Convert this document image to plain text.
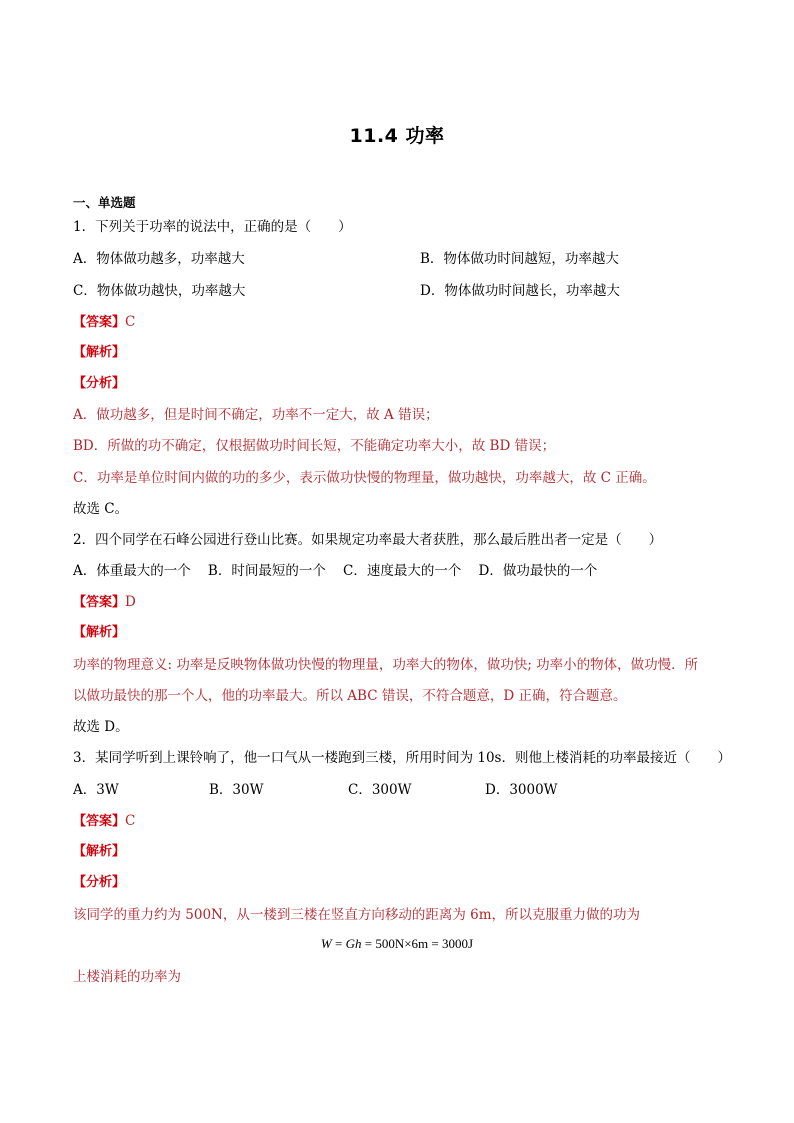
11.4 功率
一、单选题
1．下列关于功率的说法中，正确的是（　　）
A．物体做功越多，功率越大	B．物体做功时间越短，功率越大
C．物体做功越快，功率越大	D．物体做功时间越长，功率越大
【答案】C
【解析】
【分析】
A．做功越多，但是时间不确定，功率不一定大，故 A 错误；
BD．所做的功不确定，仅根据做功时间长短，不能确定功率大小，故 BD 错误；
C．功率是单位时间内做的功的多少，表示做功快慢的物理量，做功越快，功率越大，故 C 正确。
故选 C。
2．四个同学在石峰公园进行登山比赛。如果规定功率最大者获胜，那么最后胜出者一定是（　　）
A．体重最大的一个 B．时间最短的一个 C．速度最大的一个 D．做功最快的一个
【答案】D
【解析】
功率的物理意义: 功率是反映物体做功快慢的物理量，功率大的物体，做功快; 功率小的物体，做功慢．所
以做功最快的那一个人，他的功率最大。所以 ABC 错误，不符合题意，D 正确，符合题意。
故选 D。
3．某同学听到上课铃响了，他一口气从一楼跑到三楼，所用时间为 10s．则他上楼消耗的功率最接近（　　）
A．3W	B．30W	C．300W	D．3000W
【答案】C
【解析】
【分析】
该同学的重力约为 500N，从一楼到三楼在竖直方向移动的距离为 6m，所以克服重力做的功为
W = Gh = 500N×6m = 3000J
上楼消耗的功率为
